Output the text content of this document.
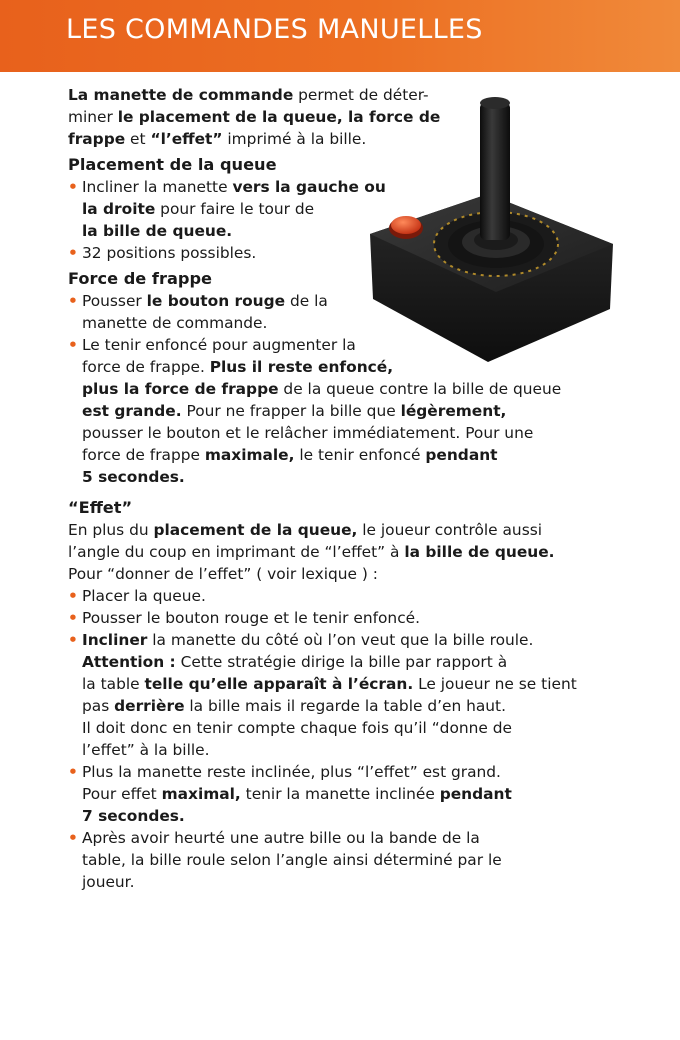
LES COMMANDES MANUELLES

La manette de commande permet de déter-
miner le placement de la queue, la force de
frappe et “l’effet” imprimé à la bille.

Placement de la queue

• Incliner la manette vers la gauche ou
la droite pour faire le tour de
la bille de queue.
• 32 positions possibles.

Force de frappe

• Pousser le bouton rouge de la
manette de commande.
• Le tenir enfoncé pour augmenter la
force de frappe. Plus il reste enfoncé,
plus la force de frappe de la queue contre la bille de queue
est grande. Pour ne frapper la bille que légèrement,
pousser le bouton et le relâcher immédiatement. Pour une
force de frappe maximale, le tenir enfoncé pendant
5 secondes.

“Effet”

En plus du placement de la queue, le joueur contrôle aussi
l’angle du coup en imprimant de “l’effet” à la bille de queue.
Pour “donner de l’effet” ( voir lexique ) :
• Placer la queue.
• Pousser le bouton rouge et le tenir enfoncé.
• Incliner la manette du côté où l’on veut que la bille roule.
Attention : Cette stratégie dirige la bille par rapport à
la table telle qu’elle apparaît à l’écran. Le joueur ne se tient
pas derrière la bille mais il regarde la table d’en haut.
Il doit donc en tenir compte chaque fois qu’il “donne de
l’effet” à la bille.
• Plus la manette reste inclinée, plus “l’effet” est grand.
Pour effet maximal, tenir la manette inclinée pendant
7 secondes.
• Après avoir heurté une autre bille ou la bande de la
table, la bille roule selon l’angle ainsi déterminé par le
joueur.
